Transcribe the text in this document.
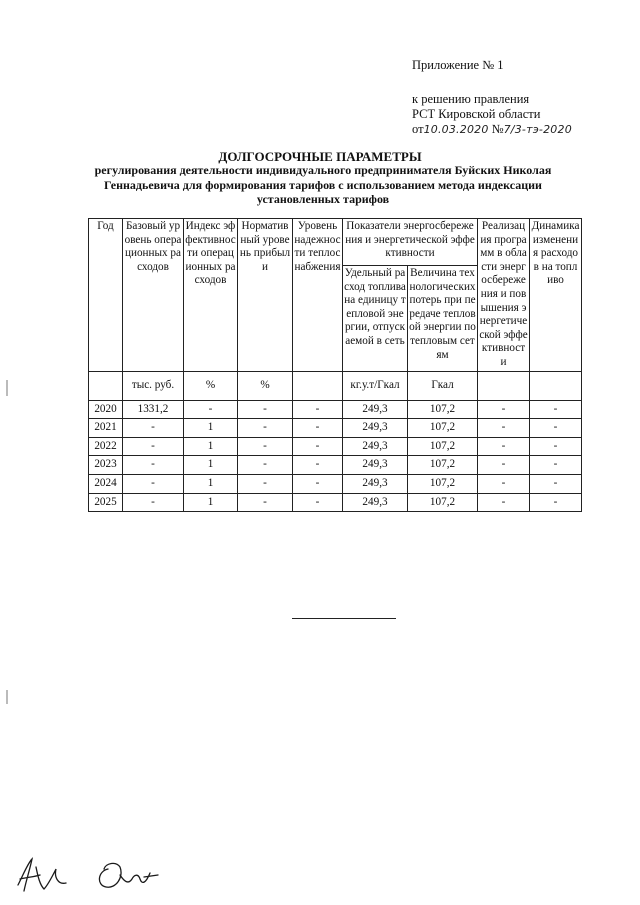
Приложение № 1
к решению правления
РСТ Кировской области
от10.03.2020 №7/3-тэ-2020
ДОЛГОСРОЧНЫЕ ПАРАМЕТРЫ
регулирования деятельности индивидуального предпринимателя Буйских Николая Геннадьевича для формирования тарифов с использованием метода индексации установленных тарифов
Год	Базовый уровень операционных расходов	Индекс эффективности операционных расходов	Нормативный уровень прибыли	Уровень надежности теплоснабжения	Показатели энергосбережения и энергетической эффективности		Реализация программ в области энергосбережения и повышения энергетической эффективности	Динамика изменения расходов на топливо
					Удельный расход топлива на единицу тепловой энергии, отпускаемой в сеть	Величина технологических потерь при передаче тепловой энергии по тепловым сетям		
	тыс. руб.	%	%		кг.у.т/Гкал	Гкал		
2020	1331,2	-	-	-	249,3	107,2	-	-
2021	-	1	-	-	249,3	107,2	-	-
2022	-	1	-	-	249,3	107,2	-	-
2023	-	1	-	-	249,3	107,2	-	-
2024	-	1	-	-	249,3	107,2	-	-
2025	-	1	-	-	249,3	107,2	-	-
